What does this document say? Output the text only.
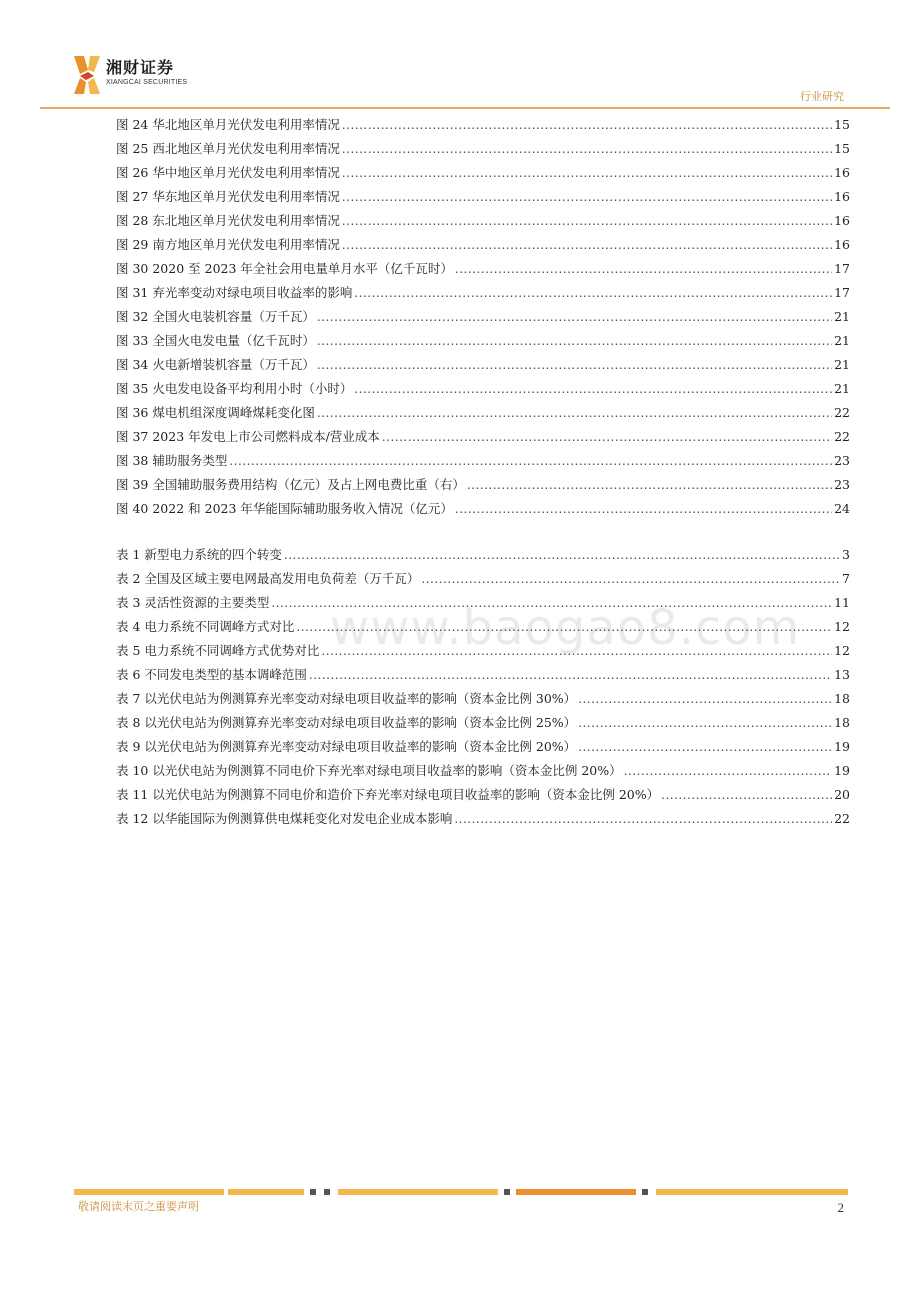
湘财证券
XIANGCAI SECURITIES
行业研究
www.baogao8.com
图 24 华北地区单月光伏发电利用率情况 .....	15
图 25 西北地区单月光伏发电利用率情况 .....	15
图 26 华中地区单月光伏发电利用率情况 .....	16
图 27 华东地区单月光伏发电利用率情况 .....	16
图 28 东北地区单月光伏发电利用率情况 .....	16
图 29 南方地区单月光伏发电利用率情况 .....	16
图 30 2020 至 2023 年全社会用电量单月水平（亿千瓦时） .....	17
图 31 弃光率变动对绿电项目收益率的影响 .....	17
图 32 全国火电装机容量（万千瓦） .....	21
图 33 全国火电发电量（亿千瓦时） .....	21
图 34 火电新增装机容量（万千瓦） .....	21
图 35 火电发电设备平均利用小时（小时） .....	21
图 36 煤电机组深度调峰煤耗变化图 .....	22
图 37 2023 年发电上市公司燃料成本/营业成本 .....	22
图 38 辅助服务类型 .....	23
图 39 全国辅助服务费用结构（亿元）及占上网电费比重（右） .....	23
图 40 2022 和 2023 年华能国际辅助服务收入情况（亿元） .....	24
表 1 新型电力系统的四个转变 .....	3
表 2 全国及区域主要电网最高发用电负荷差（万千瓦） .....	7
表 3 灵活性资源的主要类型 .....	11
表 4 电力系统不同调峰方式对比 .....	12
表 5 电力系统不同调峰方式优势对比 .....	12
表 6 不同发电类型的基本调峰范围 .....	13
表 7 以光伏电站为例测算弃光率变动对绿电项目收益率的影响（资本金比例 30%） .....	18
表 8 以光伏电站为例测算弃光率变动对绿电项目收益率的影响（资本金比例 25%） .....	18
表 9 以光伏电站为例测算弃光率变动对绿电项目收益率的影响（资本金比例 20%） .....	19
表 10 以光伏电站为例测算不同电价下弃光率对绿电项目收益率的影响（资本金比例 20%） .....	19
表 11 以光伏电站为例测算不同电价和造价下弃光率对绿电项目收益率的影响（资本金比例 20%） .....	20
表 12 以华能国际为例测算供电煤耗变化对发电企业成本影响 .....	22
敬请阅读末页之重要声明	2
